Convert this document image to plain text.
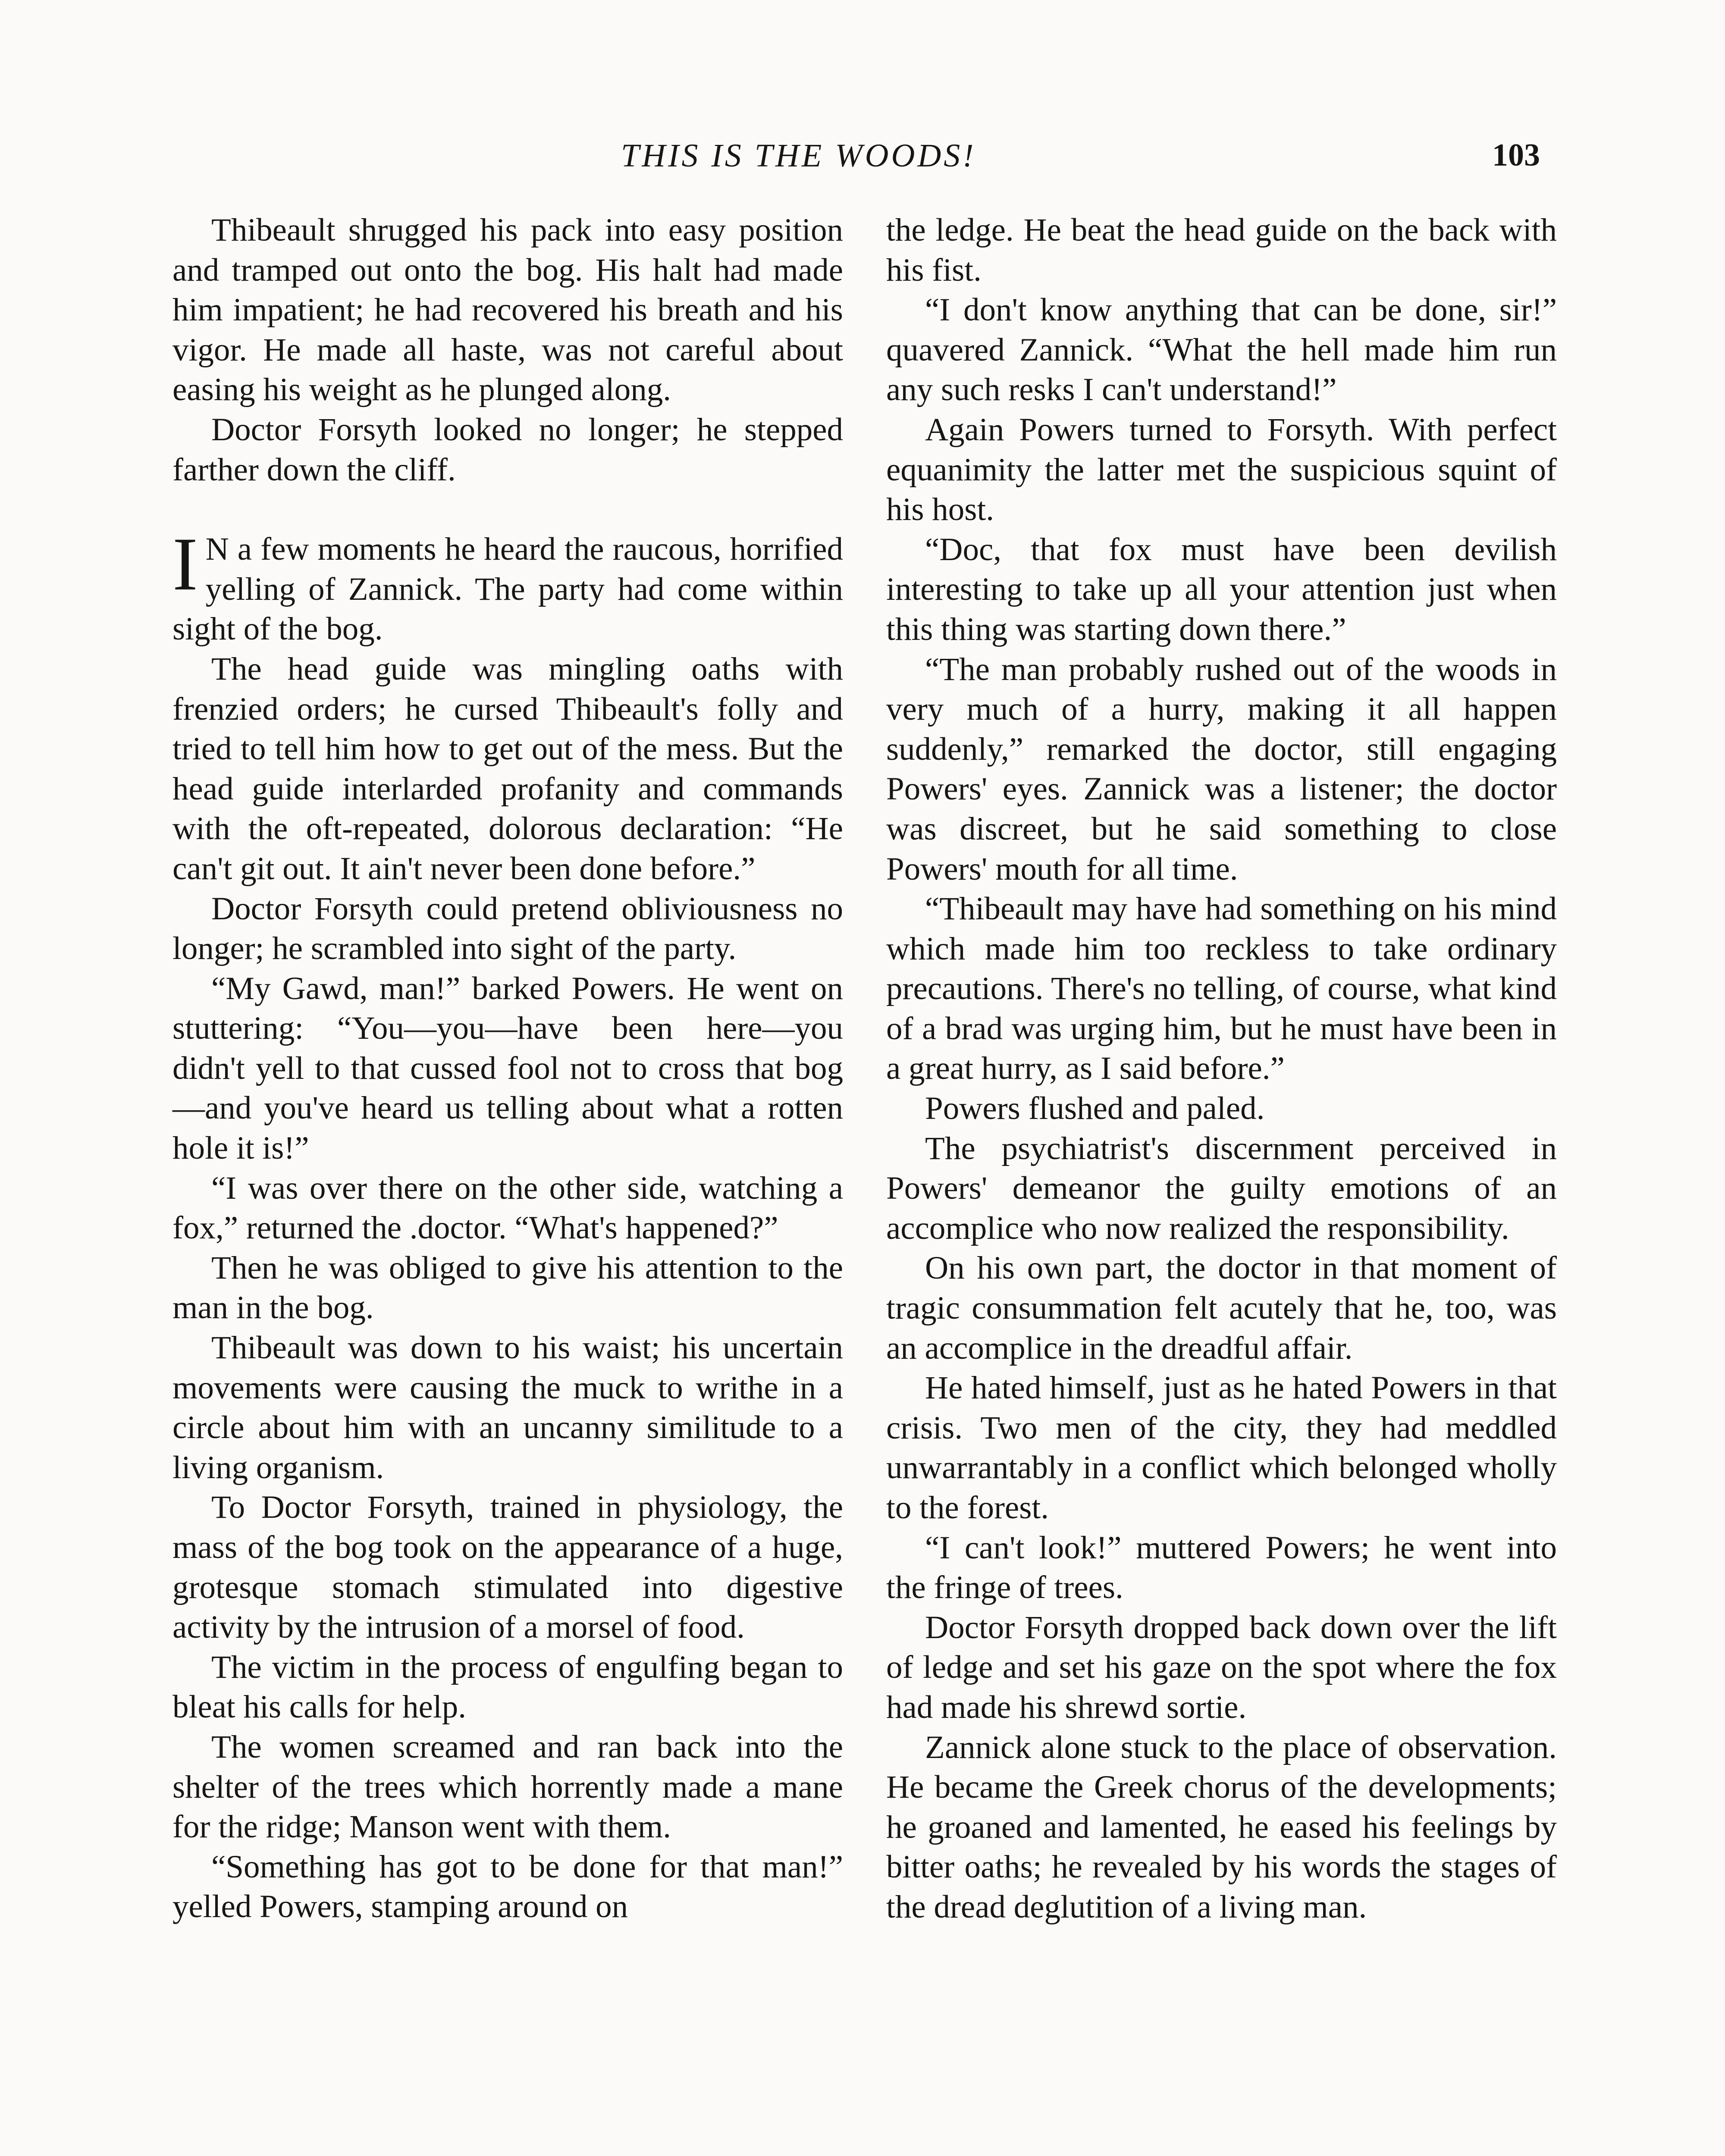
THIS IS THE WOODS!	103

Thibeault shrugged his pack into easy position and tramped out onto the bog. His halt had made him impatient; he had recovered his breath and his vigor. He made all haste, was not careful about easing his weight as he plunged along.

Doctor Forsyth looked no longer; he stepped farther down the cliff.

I N a few moments he heard the raucous, horrified yelling of Zannick. The party had come within sight of the bog.

The head guide was mingling oaths with frenzied orders; he cursed Thibeault's folly and tried to tell him how to get out of the mess. But the head guide interlarded profanity and commands with the oft-repeated, dolorous declaration: “He can't git out. It ain't never been done before.”

Doctor Forsyth could pretend obliviousness no longer; he scrambled into sight of the party.

“My Gawd, man!” barked Powers. He went on stuttering: “You—you—have been here—you didn't yell to that cussed fool not to cross that bog—and you've heard us telling about what a rotten hole it is!”

“I was over there on the other side, watching a fox,” returned the .doctor. “What's happened?”

Then he was obliged to give his attention to the man in the bog.

Thibeault was down to his waist; his uncertain movements were causing the muck to writhe in a circle about him with an uncanny similitude to a living organism.

To Doctor Forsyth, trained in physiology, the mass of the bog took on the appearance of a huge, grotesque stomach stimulated into digestive activity by the intrusion of a morsel of food.

The victim in the process of engulfing began to bleat his calls for help.

The women screamed and ran back into the shelter of the trees which horrently made a mane for the ridge; Manson went with them.

“Something has got to be done for that man!” yelled Powers, stamping around on

the ledge. He beat the head guide on the back with his fist.

“I don't know anything that can be done, sir!” quavered Zannick. “What the hell made him run any such resks I can't understand!”

Again Powers turned to Forsyth. With perfect equanimity the latter met the suspicious squint of his host.

“Doc, that fox must have been devilish interesting to take up all your attention just when this thing was starting down there.”

“The man probably rushed out of the woods in very much of a hurry, making it all happen suddenly,” remarked the doctor, still engaging Powers' eyes. Zannick was a listener; the doctor was discreet, but he said something to close Powers' mouth for all time.

“Thibeault may have had something on his mind which made him too reckless to take ordinary precautions. There's no telling, of course, what kind of a brad was urging him, but he must have been in a great hurry, as I said before.”

Powers flushed and paled.

The psychiatrist's discernment perceived in Powers' demeanor the guilty emotions of an accomplice who now realized the responsibility.

On his own part, the doctor in that moment of tragic consummation felt acutely that he, too, was an accomplice in the dreadful affair.

He hated himself, just as he hated Powers in that crisis. Two men of the city, they had meddled unwarrantably in a conflict which belonged wholly to the forest.

“I can't look!” muttered Powers; he went into the fringe of trees.

Doctor Forsyth dropped back down over the lift of ledge and set his gaze on the spot where the fox had made his shrewd sortie.

Zannick alone stuck to the place of observation. He became the Greek chorus of the developments; he groaned and lamented, he eased his feelings by bitter oaths; he revealed by his words the stages of the dread deglutition of a living man.
